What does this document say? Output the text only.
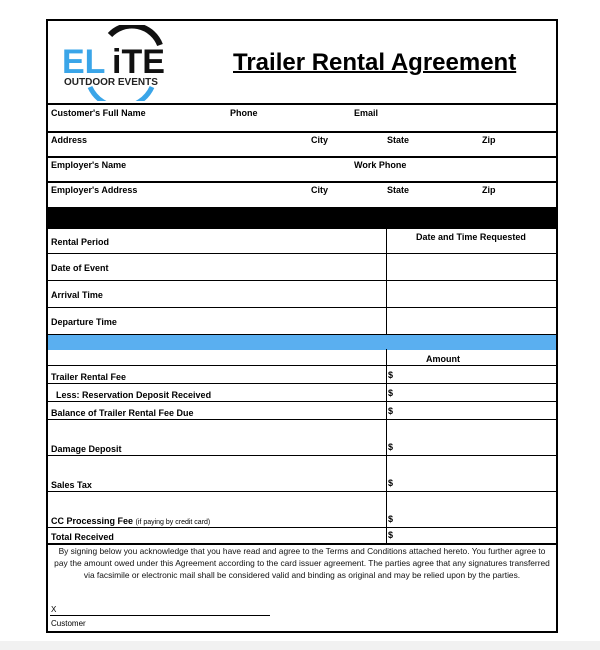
EL iTE
OUTDOOR EVENTS
Trailer Rental Agreement
Customer's Full Name	Phone	Email
Address	City	State	Zip
Employer's Name	Work Phone
Employer's Address	City	State	Zip
Date and Time Requested
Rental Period
Date of Event
Arrival Time
Departure Time
Amount
Trailer Rental Fee	$
Less: Reservation Deposit Received	$
Balance of Trailer Rental Fee Due	$
Damage Deposit	$
Sales Tax	$
CC Processing Fee (if paying by credit card)	$
Total Received	$
By signing below you acknowledge that you have read and agree to the Terms and Conditions attached hereto. You further agree to pay the amount owed under this Agreement according to the card issuer agreement. The parties agree that any signatures transferred via facsimile or electronic mail shall be considered valid and binding as original and may be relied upon by the parties.
X
Customer
